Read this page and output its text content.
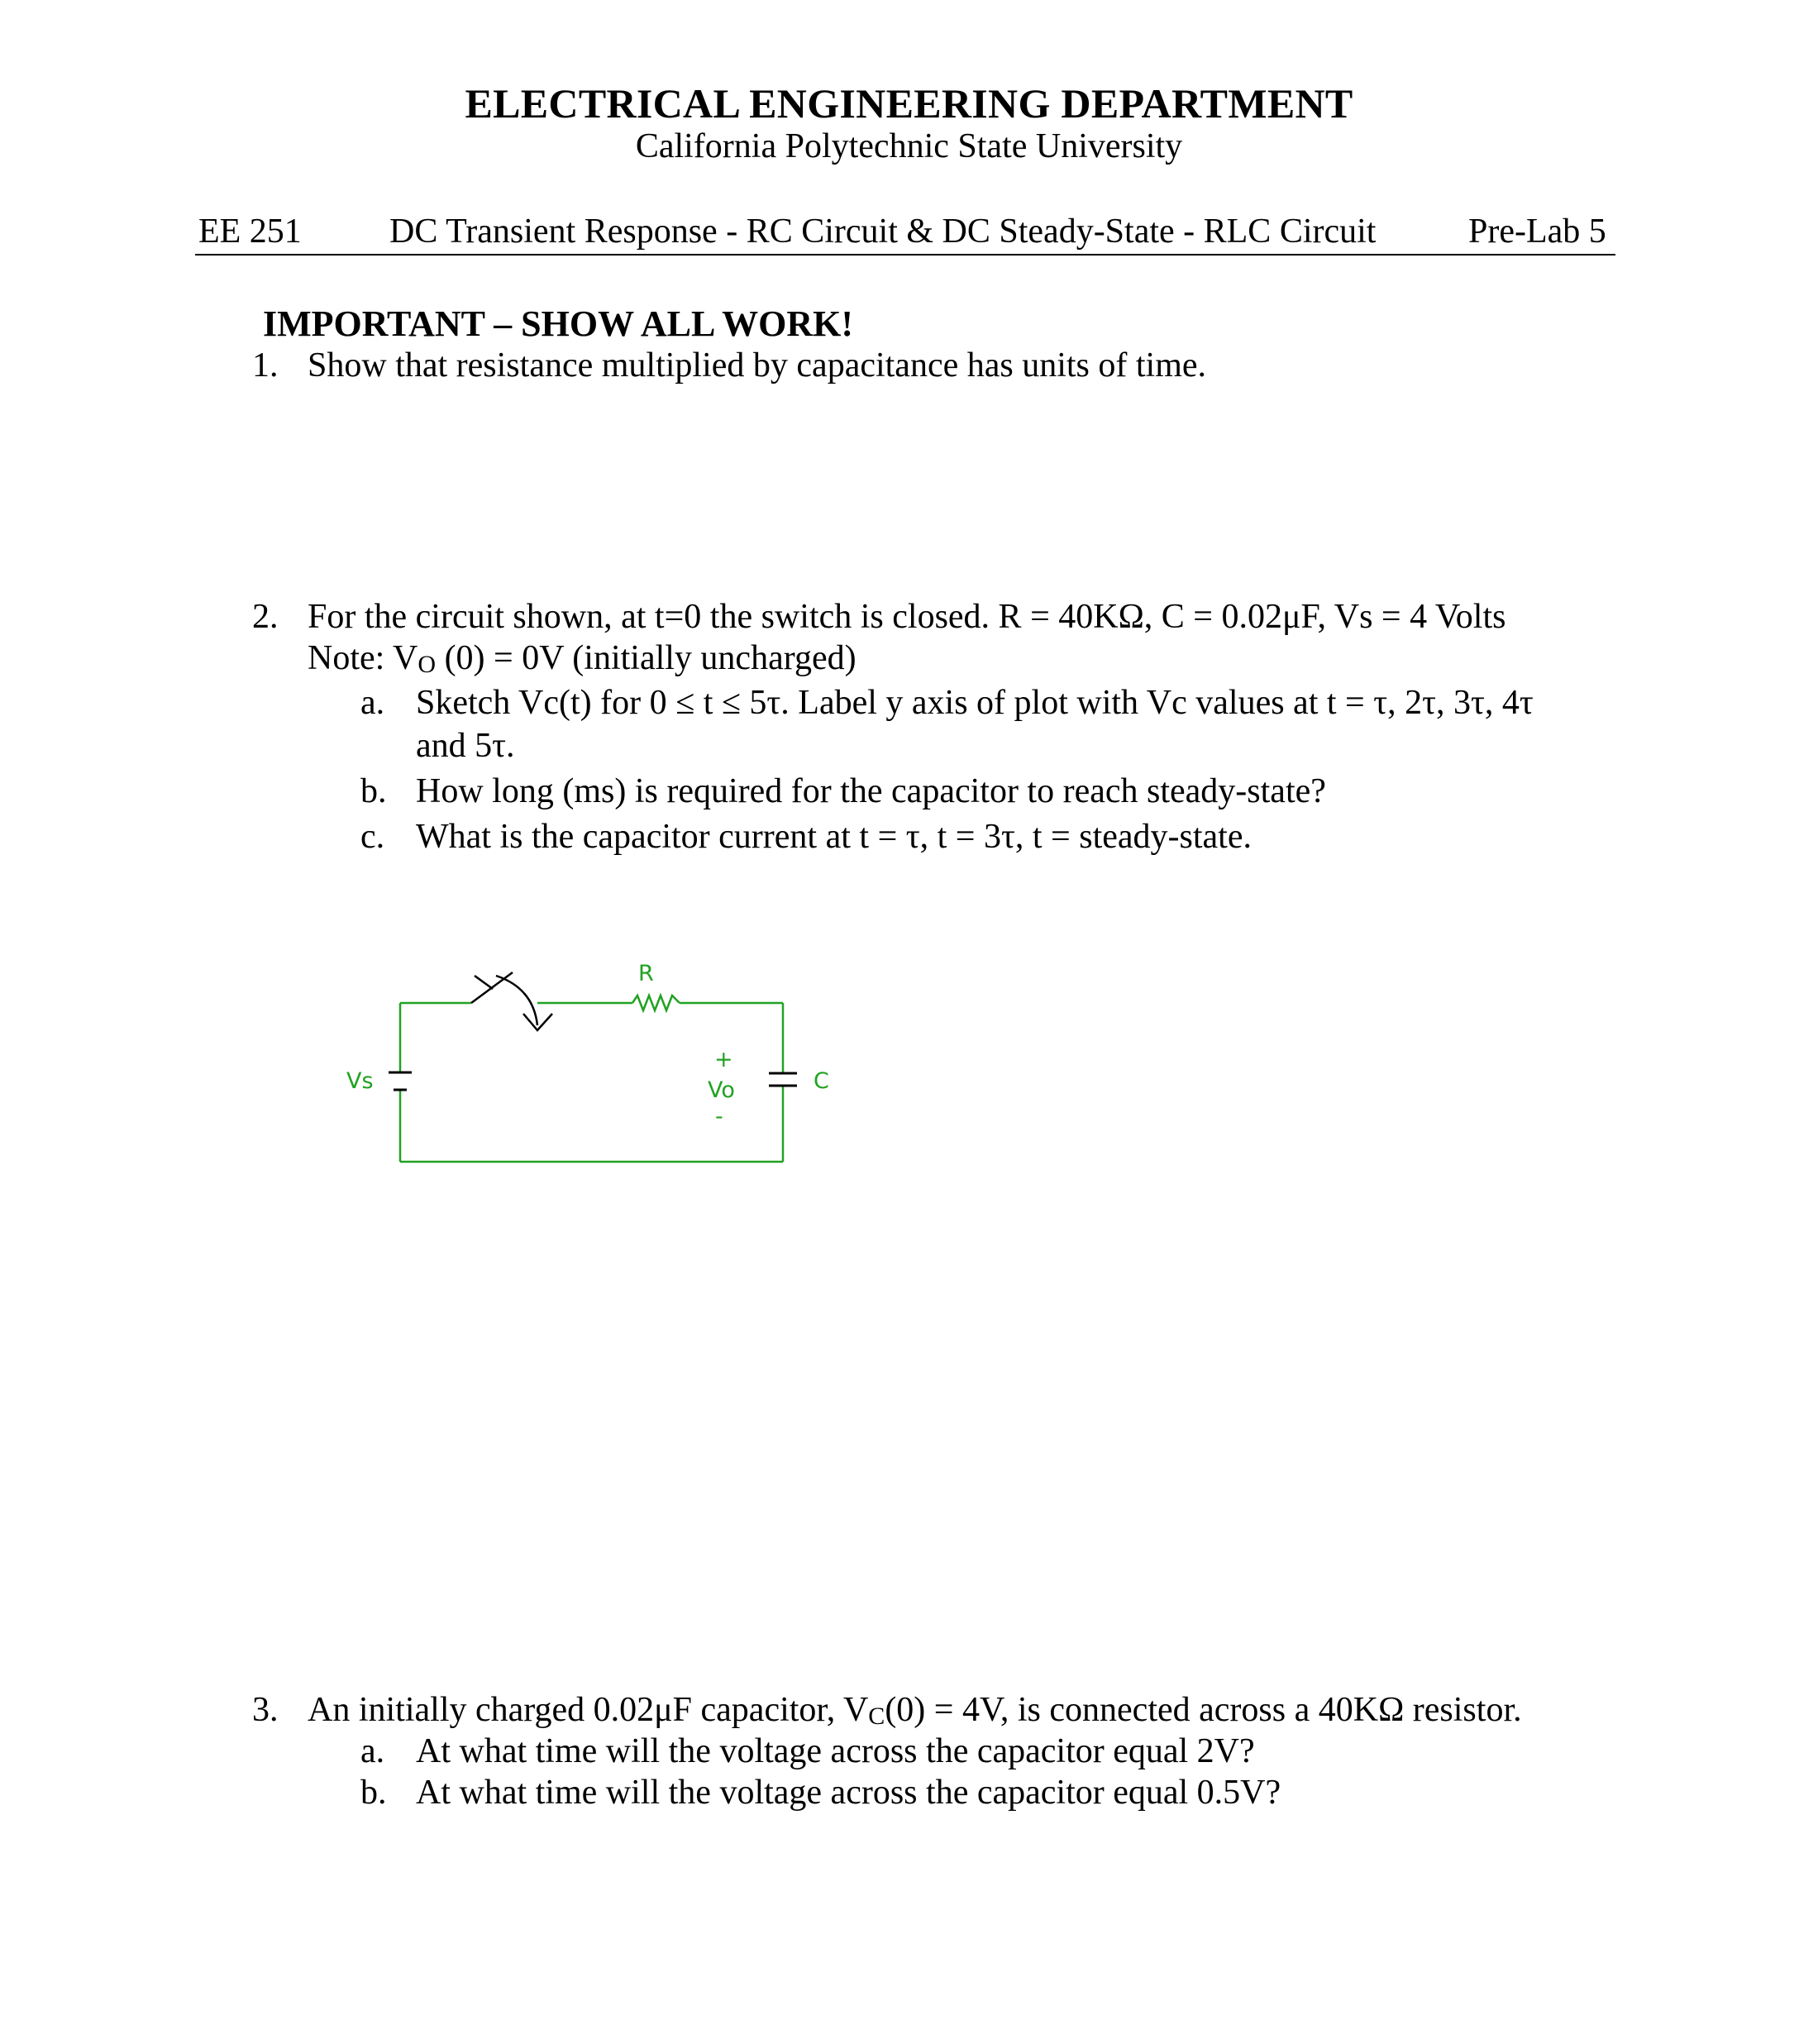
ELECTRICAL ENGINEERING DEPARTMENT
California Polytechnic State University
EE 251	DC Transient Response - RC Circuit & DC Steady-State - RLC Circuit	Pre-Lab 5
IMPORTANT – SHOW ALL WORK!
1. Show that resistance multiplied by capacitance has units of time.
2. For the circuit shown, at t=0 the switch is closed. R = 40KΩ, C = 0.02μF, Vs = 4 Volts
Note: $V_O$ (0) = 0V (initially uncharged)
a. Sketch Vc(t) for 0 ≤ t ≤ 5τ. Label y axis of plot with Vc values at t = τ, 2τ, 3τ, 4τ
and 5τ.
b. How long (ms) is required for the capacitor to reach steady-state?
c. What is the capacitor current at t = τ, t = 3τ, t = steady-state.
R
Vs	C
+
Vo
-
3. An initially charged 0.02μF capacitor, $V_C(0) = 4V$, is connected across a 40KΩ resistor.
a. At what time will the voltage across the capacitor equal 2V?
b. At what time will the voltage across the capacitor equal 0.5V?
